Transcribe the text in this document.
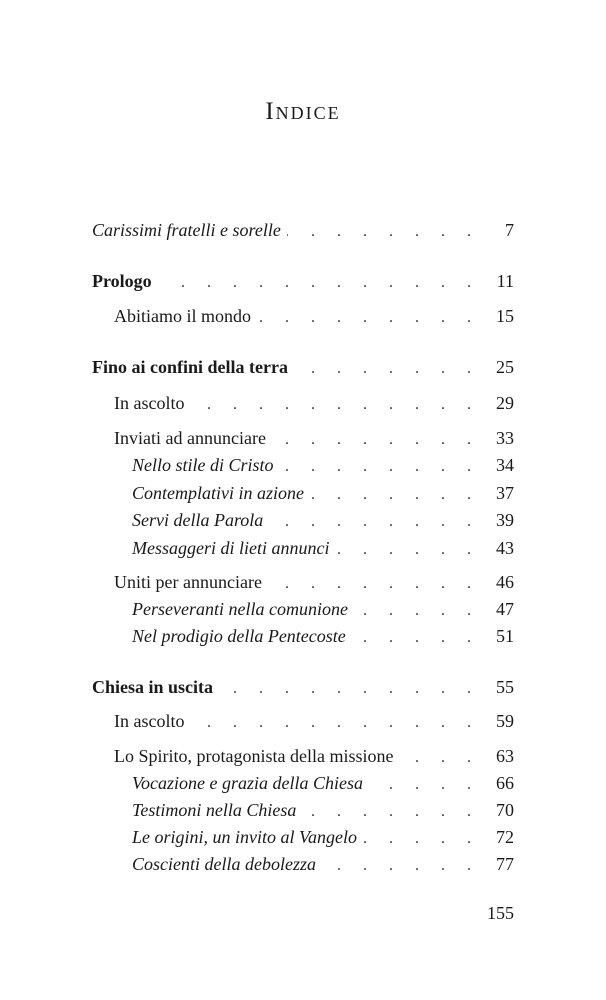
Indice
Carissimi fratelli e sorelle . . .	7
Prologo . . .	11
Abitiamo il mondo . . .	15
Fino ai confini della terra . . .	25
In ascolto . . .	29
Inviati ad annunciare . . .	33
Nello stile di Cristo . . .	34
Contemplativi in azione . . .	37
Servi della Parola . . .	39
Messaggeri di lieti annunci . . .	43
Uniti per annunciare . . .	46
Perseveranti nella comunione . . .	47
Nel prodigio della Pentecoste . . .	51
Chiesa in uscita . . .	55
In ascolto . . .	59
Lo Spirito, protagonista della missione . . .	63
Vocazione e grazia della Chiesa . . .	66
Testimoni nella Chiesa . . .	70
Le origini, un invito al Vangelo . . .	72
Coscienti della debolezza . . .	77
155
